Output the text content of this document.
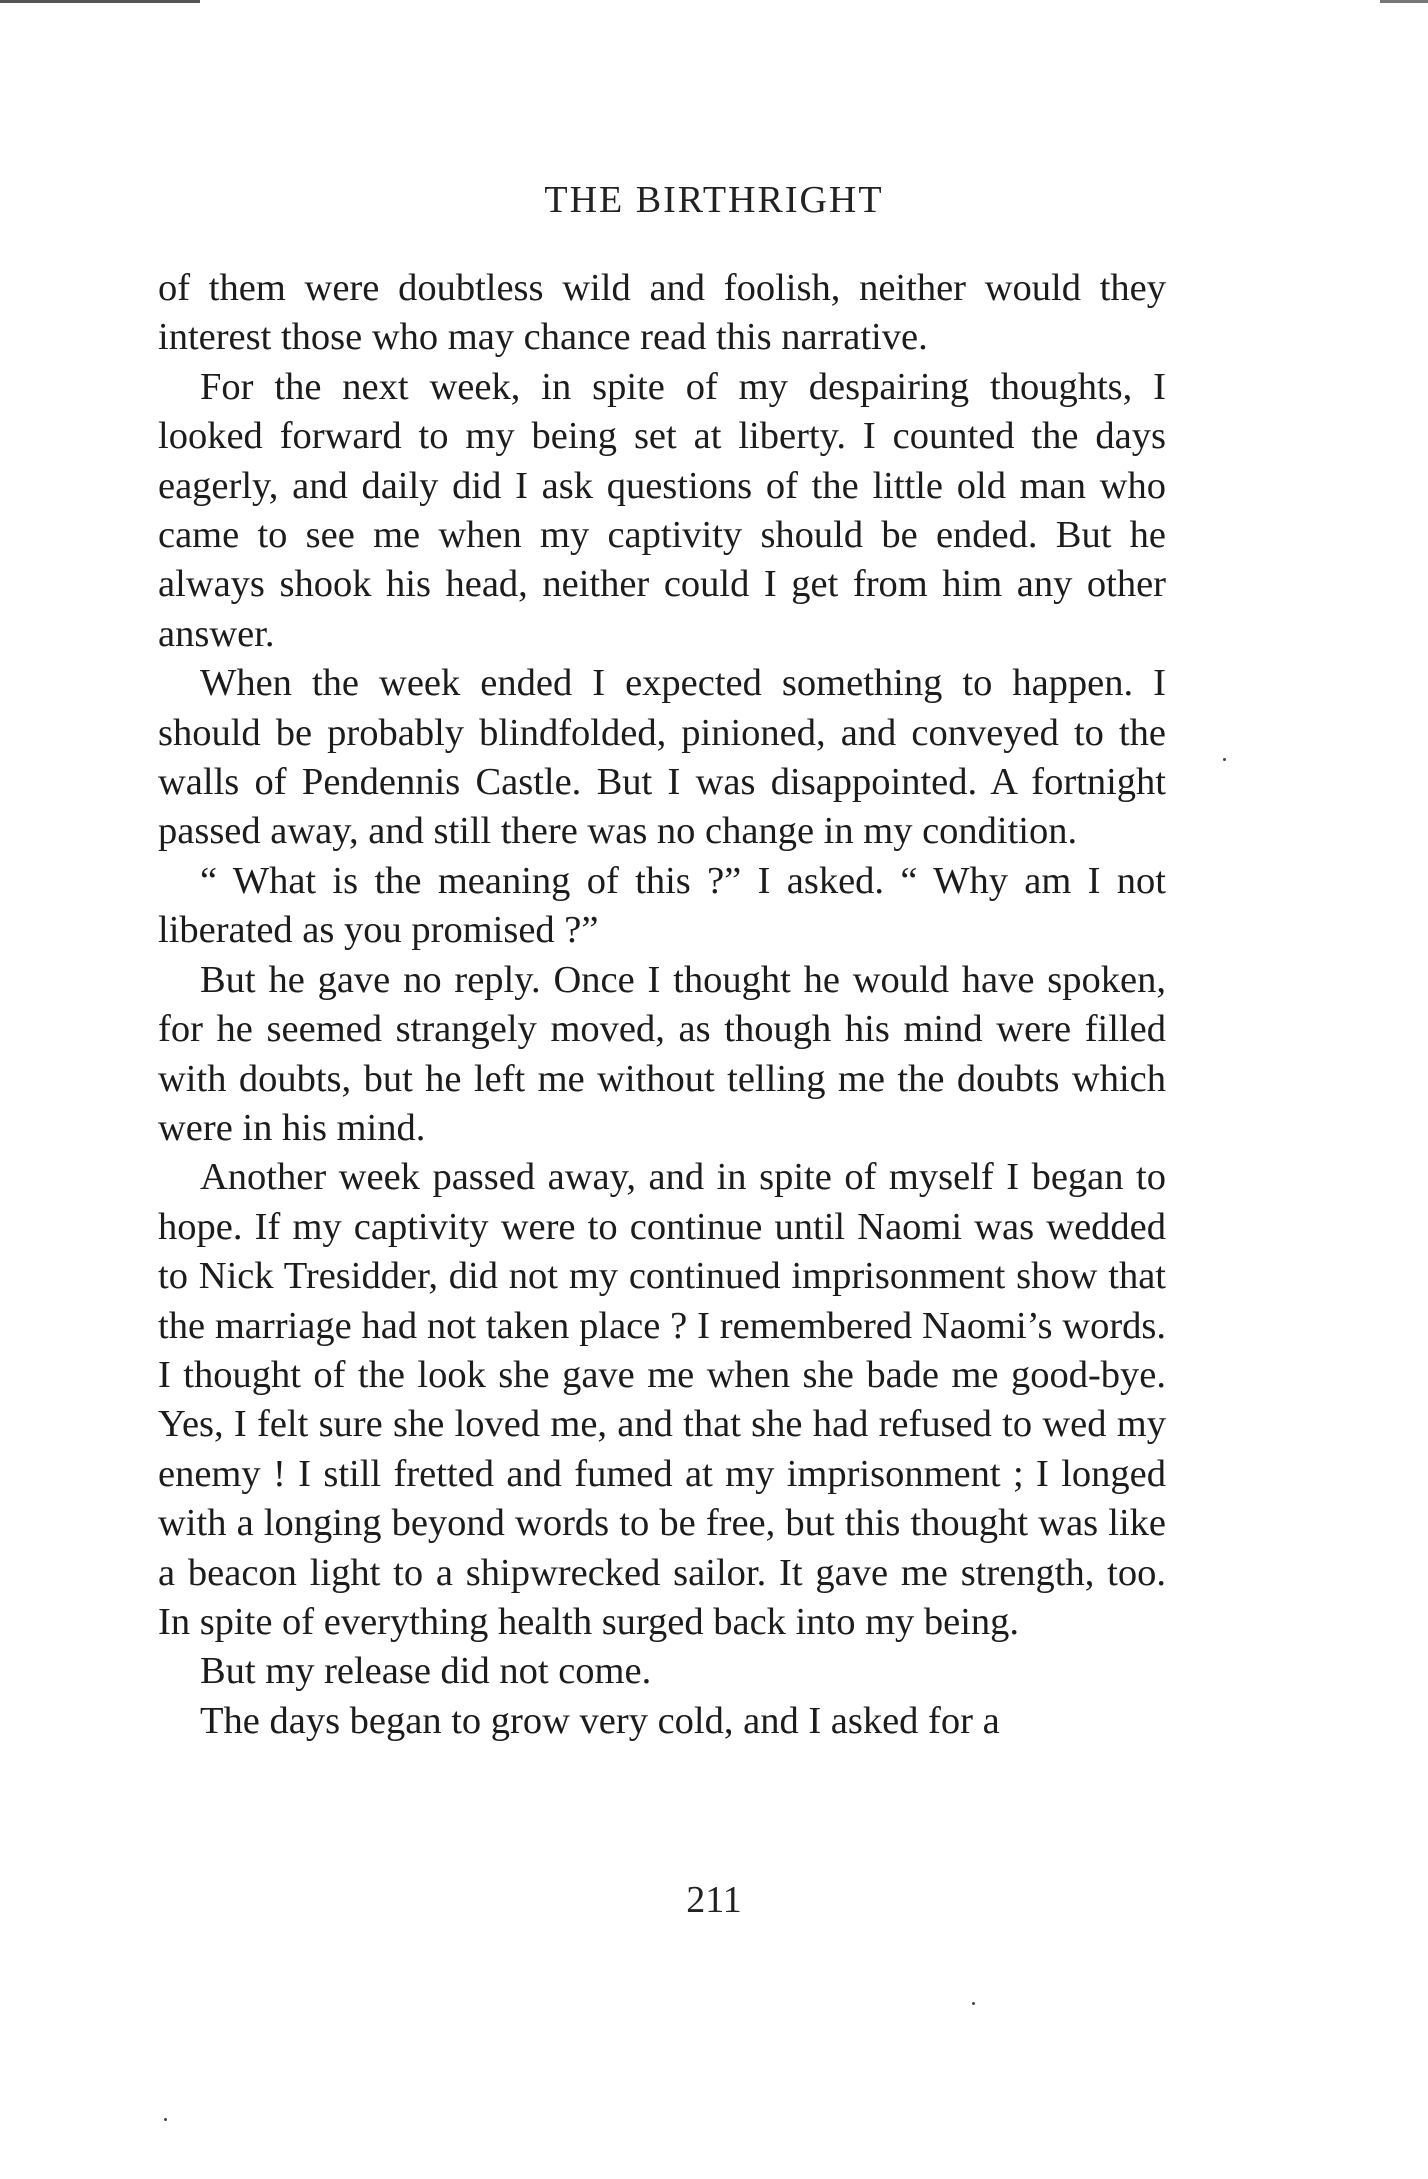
THE BIRTHRIGHT

of them were doubtless wild and foolish, neither would they interest those who may chance read this narrative.

For the next week, in spite of my despairing thoughts, I looked forward to my being set at liberty. I counted the days eagerly, and daily did I ask questions of the little old man who came to see me when my captivity should be ended. But he always shook his head, neither could I get from him any other answer.

When the week ended I expected something to happen. I should be probably blindfolded, pinioned, and conveyed to the walls of Pendennis Castle. But I was disappointed. A fortnight passed away, and still there was no change in my condition.

“ What is the meaning of this ?” I asked. “ Why am I not liberated as you promised ?”

But he gave no reply. Once I thought he would have spoken, for he seemed strangely moved, as though his mind were filled with doubts, but he left me without telling me the doubts which were in his mind.

Another week passed away, and in spite of myself I began to hope. If my captivity were to continue until Naomi was wedded to Nick Tresidder, did not my continued imprisonment show that the marriage had not taken place ? I remembered Naomi’s words. I thought of the look she gave me when she bade me good-bye. Yes, I felt sure she loved me, and that she had refused to wed my enemy ! I still fretted and fumed at my imprisonment ; I longed with a longing beyond words to be free, but this thought was like a beacon light to a shipwrecked sailor. It gave me strength, too. In spite of everything health surged back into my being.

But my release did not come.

The days began to grow very cold, and I asked for a

211
